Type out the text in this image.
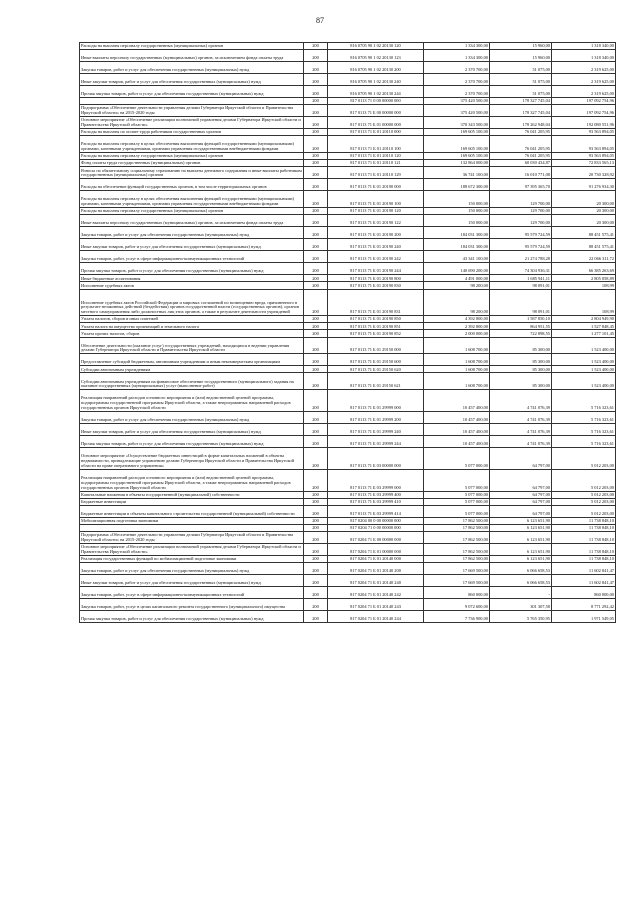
87
Расходы на выплаты персоналу государственных (муниципальных) органов	200	816 0705 90 1 02 20130 120	1 334 300,00	15 960,00	1 318 340,00
Иные выплаты персоналу государственных (муниципальных) органов, за исключением фонда оплаты труда	200	816 0705 90 1 02 20130 123	1 334 300,00	15 960,00	1 318 340,00
Закупка товаров, работ и услуг для обеспечения государственных (муниципальных) нужд	200	816 0705 90 1 02 20130 200	2 370 700,00	51 075,00	2 319 625,00
Иные закупки товаров, работ и услуг для обеспечения государственных (муниципальных) нужд	200	816 0705 90 1 02 20130 240	2 370 700,00	51 075,00	2 319 625,00
Прочая закупка товаров, работ и услуг для обеспечения государственных (муниципальных) нужд	200	816 0705 90 1 02 20130 244	2 370 700,00	51 075,00	2 319 625,00
	200	817 0113 71 0 00 00000 000	375 420 500,00	178 327 745,04	197 092 754,96
Подпрограмма «Обеспечение деятельности управления делами Губернатора Иркутской области и Правительства Иркутской области» на 2015-2020 годы	200	817 0113 71 Б 00 00000 000	375 420 500,00	178 327 745,04	197 092 754,96
Основное мероприятие «Обеспечение реализации полномочий управления делами Губернатора Иркутской области и Правительства Иркутской области»	200	817 0113 71 Б 01 00000 000	370 343 500,00	178 262 948,04	192 080 551,96
Расходы на выплаты по оплате труда работников государственных органов	200	817 0113 71 Б 01 20110 000	169 605 100,00	76 041 205,95	93 563 894,05
Расходы на выплаты персоналу в целях обеспечения выполнения функций государственными (муниципальными) органами, казенными учреждениями, органами управления государственными внебюджетными фондами	200	817 0113 71 Б 01 20110 100	169 605 100,00	76 041 205,95	93 563 894,05
Расходы на выплаты персоналу государственных (муниципальных) органов	200	817 0113 71 Б 01 20110 120	169 605 100,00	76 041 205,95	93 563 894,05
Фонд оплаты труда государственных (муниципальных) органов	200	817 0113 71 Б 01 20110 121	132 864 000,00	60 030 434,87	72 833 565,13
Взносы по обязательному социальному страхованию на выплаты денежного содержания и иные выплаты работникам государственных (муниципальных) органов	200	817 0113 71 Б 01 20110 129	36 741 100,00	16 010 771,08	20 730 328,92
Расходы на обеспечение функций государственных органов, в том числе территориальных органов	200	817 0113 71 Б 01 20190 000	188 672 300,00	97 395 365,70	91 276 934,30
Расходы на выплаты персоналу в целях обеспечения выполнения функций государственными (муниципальными) органами, казенными учреждениями, органами управления государственными внебюджетными фондами	200	817 0113 71 Б 01 20190 100	150 000,00	129 700,00	20 300,00
Расходы на выплаты персоналу государственных (муниципальных) органов	200	817 0113 71 Б 01 20190 120	150 000,00	129 700,00	20 300,00
Иные выплаты персоналу государственных (муниципальных) органов, за исключением фонда оплаты труда	200	817 0113 71 Б 01 20190 122	150 000,00	129 700,00	20 300,00
Закупка товаров, работ и услуг для обеспечения государственных (муниципальных) нужд	200	817 0113 71 Б 01 20190 200	184 031 300,00	95 579 724,59	88 451 575,41
Иные закупки товаров, работ и услуг для обеспечения государственных (муниципальных) нужд	200	817 0113 71 Б 01 20190 240	184 031 300,00	95 579 724,59	88 451 575,41
Закупка товаров, работ, услуг в сфере информационно-коммуникационных технологий	200	817 0113 71 Б 01 20190 242	43 341 100,00	21 274 788,28	22 066 311,72
Прочая закупка товаров, работ и услуг для обеспечения государственных (муниципальных) нужд	200	817 0113 71 Б 01 20190 244	140 690 200,00	74 304 936,31	66 385 263,69
Иные бюджетные ассигнования	200	817 0113 71 Б 01 20190 800	4 491 000,00	1 685 941,11	2 805 058,89
Исполнение судебных актов	200	817 0113 71 Б 01 20190 830	98 200,00	98 091,01	108,99
Исполнение судебных актов Российской Федерации и мировых соглашений по возмещению вреда, причиненного в результате незаконных действий (бездействия) органов государственной власти (государственных органов), органов местного самоуправления либо должностных лиц этих органов, а также в результате деятельности учреждений	200	817 0113 71 Б 01 20190 831	98 200,00	98 091,01	108,99
Уплата налогов, сборов и иных платежей	200	817 0113 71 Б 01 20190 850	4 392 800,00	1 587 850,10	2 804 949,90
Уплата налога на имущество организаций и земельного налога	200	817 0113 71 Б 01 20190 851	2 392 800,00	864 951,55	1 527 848,45
Уплата прочих налогов, сборов	200	817 0113 71 Б 01 20190 852	2 000 000,00	722 898,55	1 277 101,45
Обеспечение деятельности (оказание услуг) государственных учреждений, находящихся в ведении управления делами Губернатора Иркутской области и Правительства Иркутской области	200	817 0113 71 Б 01 29150 000	1 608 700,00	85 300,00	1 523 400,00
Предоставление субсидий бюджетным, автономным учреждениям и иным некоммерческим организациям	200	817 0113 71 Б 01 29150 600	1 608 700,00	85 300,00	1 523 400,00
Субсидии автономным учреждениям	200	817 0113 71 Б 01 29150 620	1 608 700,00	85 300,00	1 523 400,00
Субсидии автономным учреждениям на финансовое обеспечение государственного (муниципального) задания на оказание государственных (муниципальных) услуг (выполнение работ)	200	817 0113 71 Б 01 29150 621	1 608 700,00	85 300,00	1 523 400,00
Реализация направлений расходов основного мероприятия и (или) ведомственной целевой программы, подпрограммы государственной программы Иркутской области, а также непрограммных направлений расходов государственных органов Иркутской области	200	817 0113 71 Б 01 29999 000	10 457 400,00	4 741 076,39	5 716 323,61
Закупка товаров, работ и услуг для обеспечения государственных (муниципальных) нужд	200	817 0113 71 Б 01 29999 200	10 457 400,00	4 741 076,39	5 716 323,61
Иные закупки товаров, работ и услуг для обеспечения государственных (муниципальных) нужд	200	817 0113 71 Б 01 29999 240	10 457 400,00	4 741 076,39	5 716 323,61
Прочая закупка товаров, работ и услуг для обеспечения государственных (муниципальных) нужд	200	817 0113 71 Б 01 29999 244	10 457 400,00	4 741 076,39	5 716 323,61
Основное мероприятие «Осуществление бюджетных инвестиций в форме капитальных вложений в объекты недвижимости, принадлежащие управлению делами Губернатора Иркутской области и Правительства Иркутской области на праве оперативного управления»	200	817 0113 71 Б 03 00000 000	5 077 000,00	64 797,00	5 012 203,00
Реализация направлений расходов основного мероприятия и (или) ведомственной целевой программы, подпрограммы государственной программы Иркутской области, а также непрограммных направлений расходов государственных органов Иркутской области	200	817 0113 71 Б 03 29999 000	5 077 000,00	64 797,00	5 012 203,00
Капитальные вложения в объекты государственной (муниципальной) собственности	200	817 0113 71 Б 03 29999 400	5 077 000,00	64 797,00	5 012 203,00
Бюджетные инвестиции	200	817 0113 71 Б 03 29999 410	5 077 000,00	64 797,00	5 012 203,00
Бюджетные инвестиции в объекты капитального строительства государственной (муниципальной) собственности	200	817 0113 71 Б 03 29999 414	5 077 000,00	64 797,00	5 012 203,00
Мобилизационная подготовка экономики	200	817 0204 00 0 00 00000 000	17 862 500,00	6 123 651,90	11 738 848,10
	200	817 0204 71 0 00 00000 000	17 862 500,00	6 123 651,90	11 738 848,10
Подпрограмма «Обеспечение деятельности управления делами Губернатора Иркутской области и Правительства Иркутской области» на 2015-2020 годы	200	817 0204 71 Б 00 00000 000	17 862 500,00	6 123 651,90	11 738 848,10
Основное мероприятие «Обеспечение реализации полномочий управления делами Губернатора Иркутской области и Правительства Иркутской области»	200	817 0204 71 Б 01 00000 000	17 862 500,00	6 123 651,90	11 738 848,10
Реализация государственных функций по мобилизационной подготовке экономики	200	817 0204 71 Б 01 20140 000	17 862 500,00	6 123 651,90	11 738 848,10
Закупка товаров, работ и услуг для обеспечения государственных (муниципальных) нужд	200	817 0204 71 Б 01 20140 200	17 669 500,00	6 066 658,53	11 602 841,47
Иные закупки товаров, работ и услуг для обеспечения государственных (муниципальных) нужд	200	817 0204 71 Б 01 20140 240	17 669 500,00	6 066 658,53	11 602 841,47
Закупка товаров, работ, услуг в сфере информационно-коммуникационных технологий	200	817 0204 71 Б 01 20140 242	860 000,00	-	860 000,00
Закупка товаров, работ, услуг в целях капитального ремонта государственного (муниципального) имущества	200	817 0204 71 Б 01 20140 243	9 072 600,00	301 307,58	8 771 292,42
Прочая закупка товаров, работ и услуг для обеспечения государственных (муниципальных) нужд	200	817 0204 71 Б 01 20140 244	7 736 900,00	5 765 350,95	1 971 549,05
